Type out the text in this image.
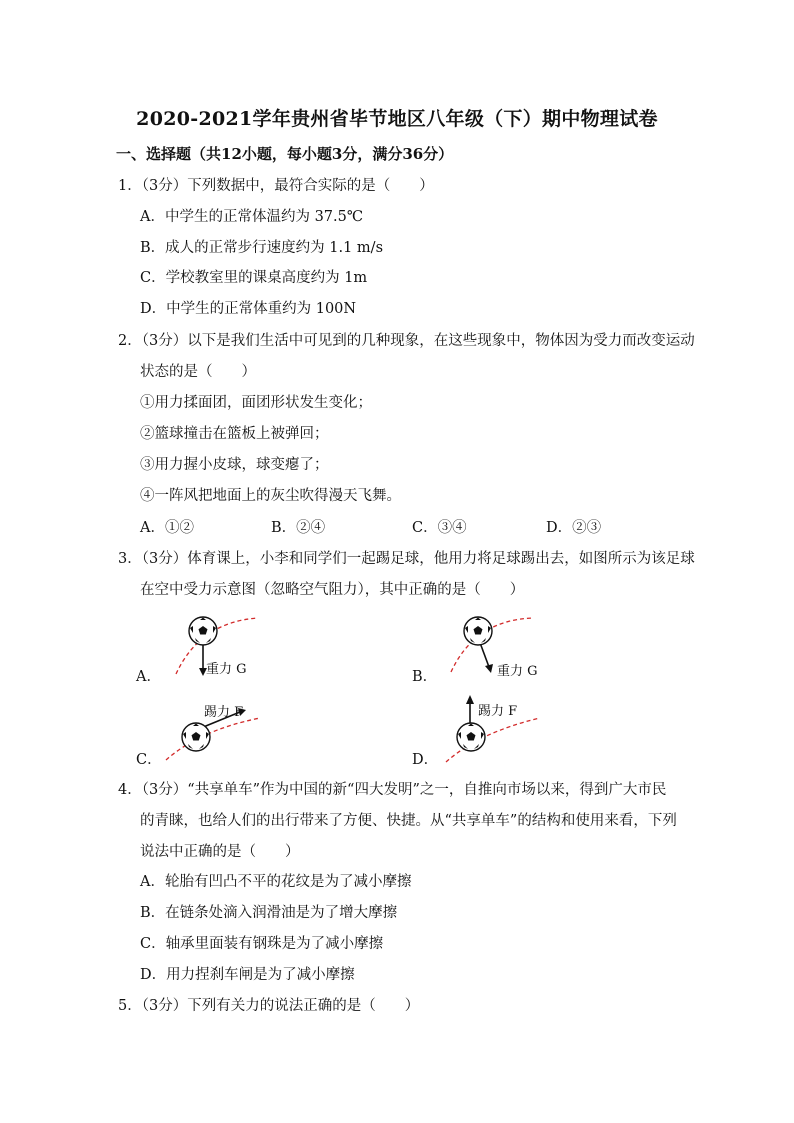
2020-2021学年贵州省毕节地区八年级（下）期中物理试卷
一、选择题（共12小题，每小题3分，满分36分）
1．（3分）下列数据中，最符合实际的是（　　）
A．中学生的正常体温约为 37.5℃
B．成人的正常步行速度约为 1.1 m/s
C．学校教室里的课桌高度约为 1m
D．中学生的正常体重约为 100N
2．（3分）以下是我们生活中可见到的几种现象，在这些现象中，物体因为受力而改变运动
状态的是（　　）
①用力揉面团，面团形状发生变化；
②篮球撞击在篮板上被弹回；
③用力握小皮球，球变瘪了；
④一阵风把地面上的灰尘吹得漫天飞舞。
A．①②	B．②④	C．③④	D．②③
3．（3分）体育课上，小李和同学们一起踢足球，他用力将足球踢出去，如图所示为该足球
在空中受力示意图（忽略空气阻力），其中正确的是（　　）
重力 G
A．	重力 G
B．
踢力 F
C．
踢力 F
D．
4．（3分）“共享单车”作为中国的新“四大发明”之一，自推向市场以来，得到广大市民
的青睐，也给人们的出行带来了方便、快捷。从“共享单车”的结构和使用来看，下列
说法中正确的是（　　）
A．轮胎有凹凸不平的花纹是为了减小摩擦
B．在链条处滴入润滑油是为了增大摩擦
C．轴承里面装有钢珠是为了减小摩擦
D．用力捏刹车闸是为了减小摩擦
5．（3分）下列有关力的说法正确的是（　　）
